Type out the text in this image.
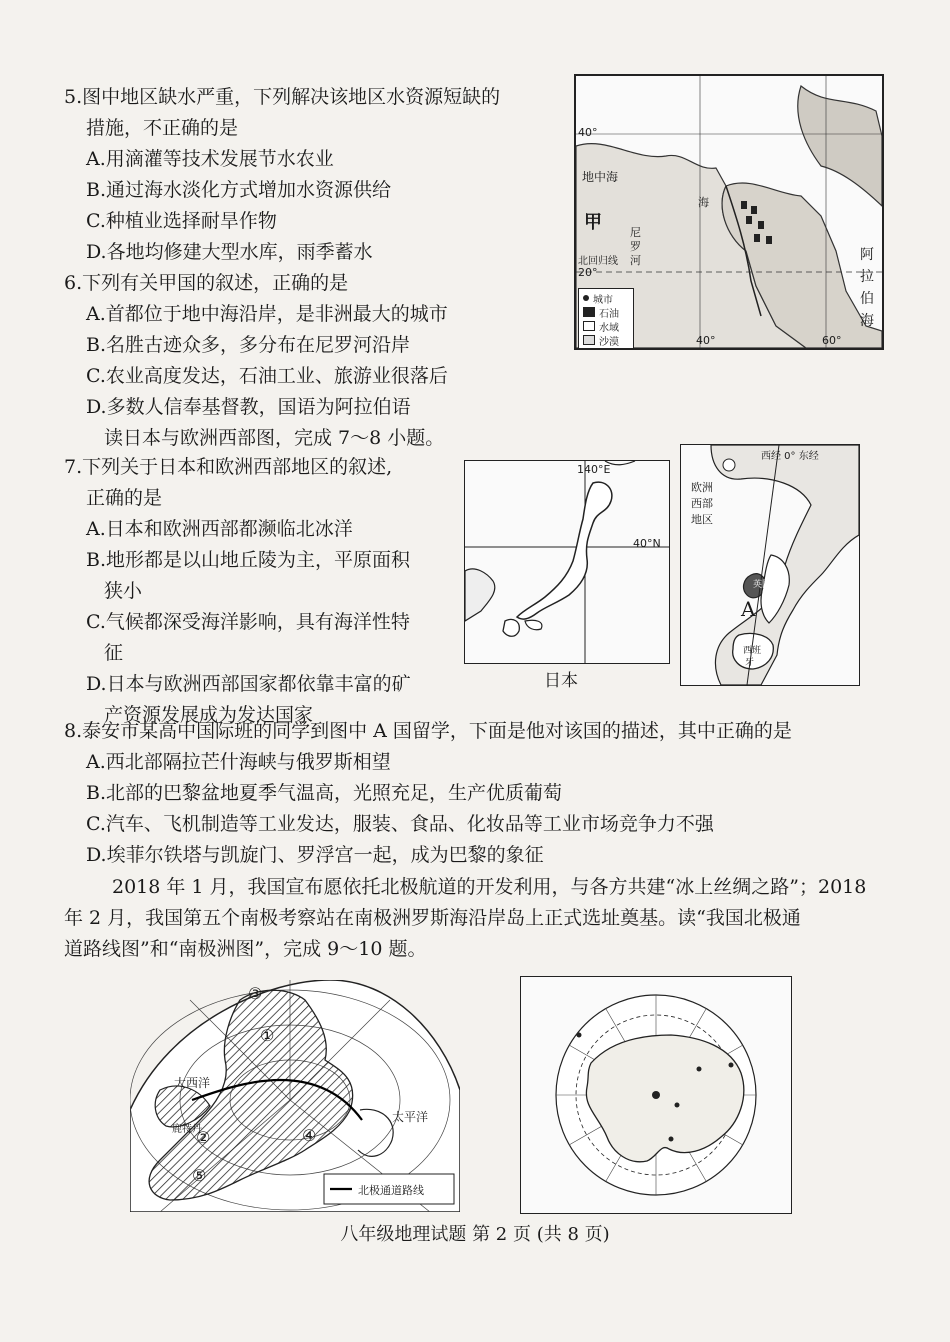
5.图中地区缺水严重，下列解决该地区水资源短缺的
措施，不正确的是
A.用滴灌等技术发展节水农业
B.通过海水淡化方式增加水资源供给
C.种植业选择耐旱作物
D.各地均修建大型水库，雨季蓄水
6.下列有关甲国的叙述，正确的是
A.首都位于地中海沿岸，是非洲最大的城市
B.名胜古迹众多，多分布在尼罗河沿岸
C.农业高度发达，石油工业、旅游业很落后
D.多数人信奉基督教，国语为阿拉伯语
读日本与欧洲西部图，完成 7～8 小题。
40°
20°
40°	60°
地中海
甲	尼
罗
河
北回归线	阿
拉
伯
海
海
城市
石油
水域
沙漠
7.下列关于日本和欧洲西部地区的叙述,
正确的是
A.日本和欧洲西部都濒临北冰洋
B.地形都是以山地丘陵为主，平原面积
狭小
C.气候都深受海洋影响，具有海洋性特
征
D.日本与欧洲西部国家都依靠丰富的矿
产资源发展成为发达国家
140°E
40°N
日本
西经 0° 东经
欧洲
西部
地区
A
英国
西班
牙
8.泰安市某高中国际班的同学到图中 A 国留学，下面是他对该国的描述，其中正确的是
A.西北部隔拉芒什海峡与俄罗斯相望
B.北部的巴黎盆地夏季气温高，光照充足，生产优质葡萄
C.汽车、飞机制造等工业发达，服装、食品、化妆品等工业市场竞争力不强
D.埃菲尔铁塔与凯旋门、罗浮宫一起，成为巴黎的象征
2018 年 1 月，我国宣布愿依托北极航道的开发利用，与各方共建“冰上丝绸之路”；2018
年 2 月，我国第五个南极考察站在南极洲罗斯海沿岸岛上正式选址奠基。读“我国北极通
道路线图”和“南极洲图”，完成 9～10 题。
大西洋
太平洋
鹿特丹
①
②
③
④
⑤
北极通道路线
八年级地理试题 第 2 页 (共 8 页)
